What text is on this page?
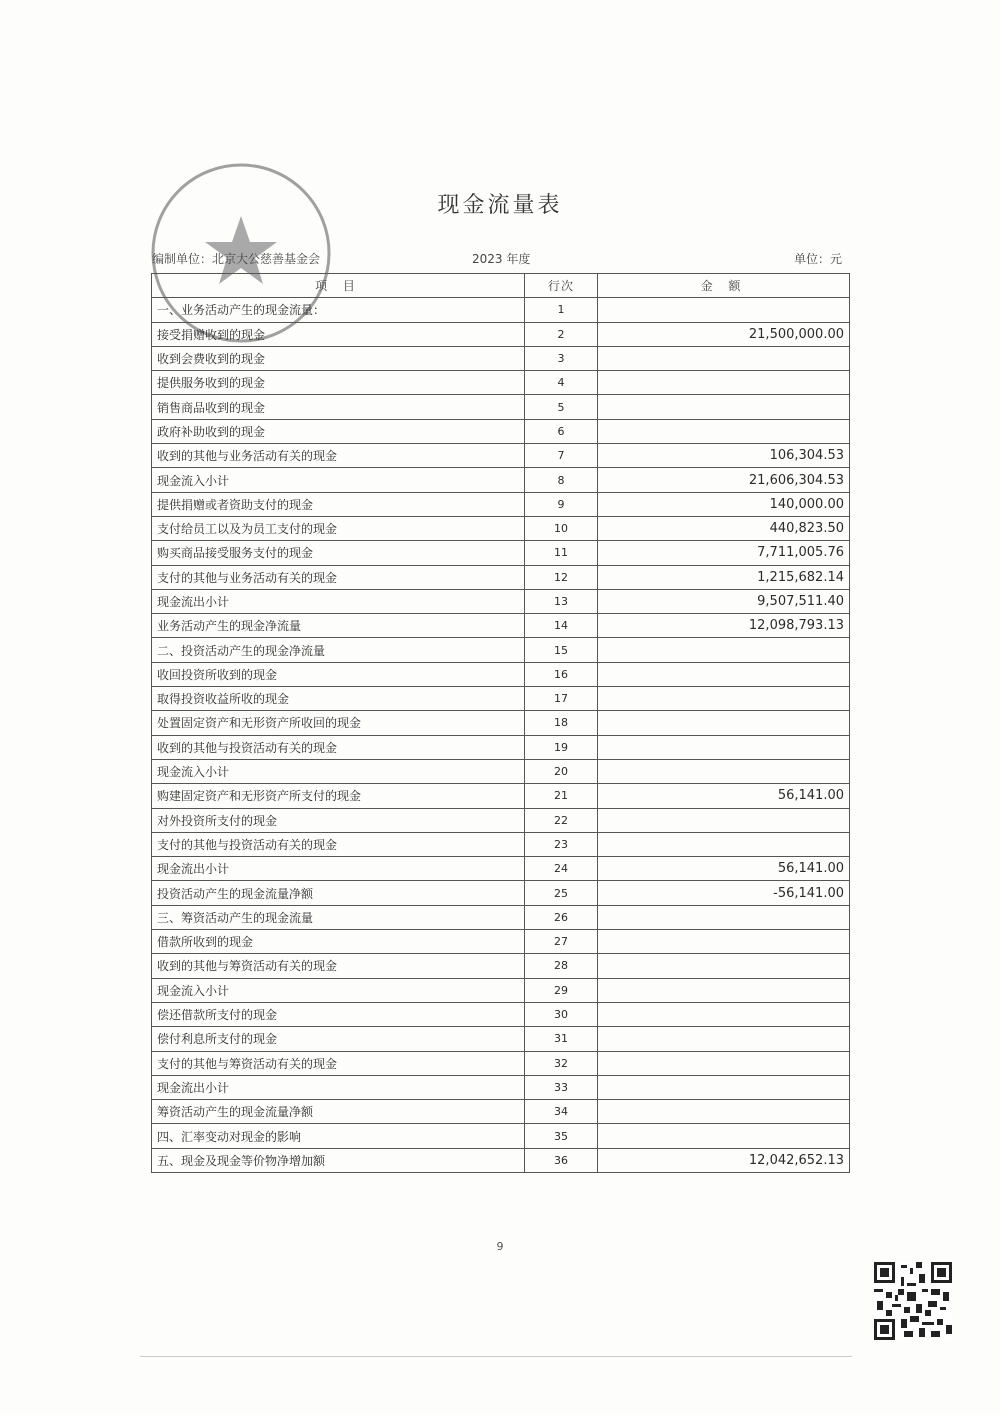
现金流量表
编制单位：北京大公慈善基金会	2023 年度	单位：元
项 目	行次	金 额
一、业务活动产生的现金流量：	1	
接受捐赠收到的现金	2	21,500,000.00
收到会费收到的现金	3	
提供服务收到的现金	4	
销售商品收到的现金	5	
政府补助收到的现金	6	
收到的其他与业务活动有关的现金	7	106,304.53
现金流入小计	8	21,606,304.53
提供捐赠或者资助支付的现金	9	140,000.00
支付给员工以及为员工支付的现金	10	440,823.50
购买商品接受服务支付的现金	11	7,711,005.76
支付的其他与业务活动有关的现金	12	1,215,682.14
现金流出小计	13	9,507,511.40
业务活动产生的现金净流量	14	12,098,793.13
二、投资活动产生的现金净流量	15	
收回投资所收到的现金	16	
取得投资收益所收的现金	17	
处置固定资产和无形资产所收回的现金	18	
收到的其他与投资活动有关的现金	19	
现金流入小计	20	
购建固定资产和无形资产所支付的现金	21	56,141.00
对外投资所支付的现金	22	
支付的其他与投资活动有关的现金	23	
现金流出小计	24	56,141.00
投资活动产生的现金流量净额	25	-56,141.00
三、筹资活动产生的现金流量	26	
借款所收到的现金	27	
收到的其他与筹资活动有关的现金	28	
现金流入小计	29	
偿还借款所支付的现金	30	
偿付利息所支付的现金	31	
支付的其他与筹资活动有关的现金	32	
现金流出小计	33	
筹资活动产生的现金流量净额	34	
四、汇率变动对现金的影响	35	
五、现金及现金等价物净增加额	36	12,042,652.13
9
